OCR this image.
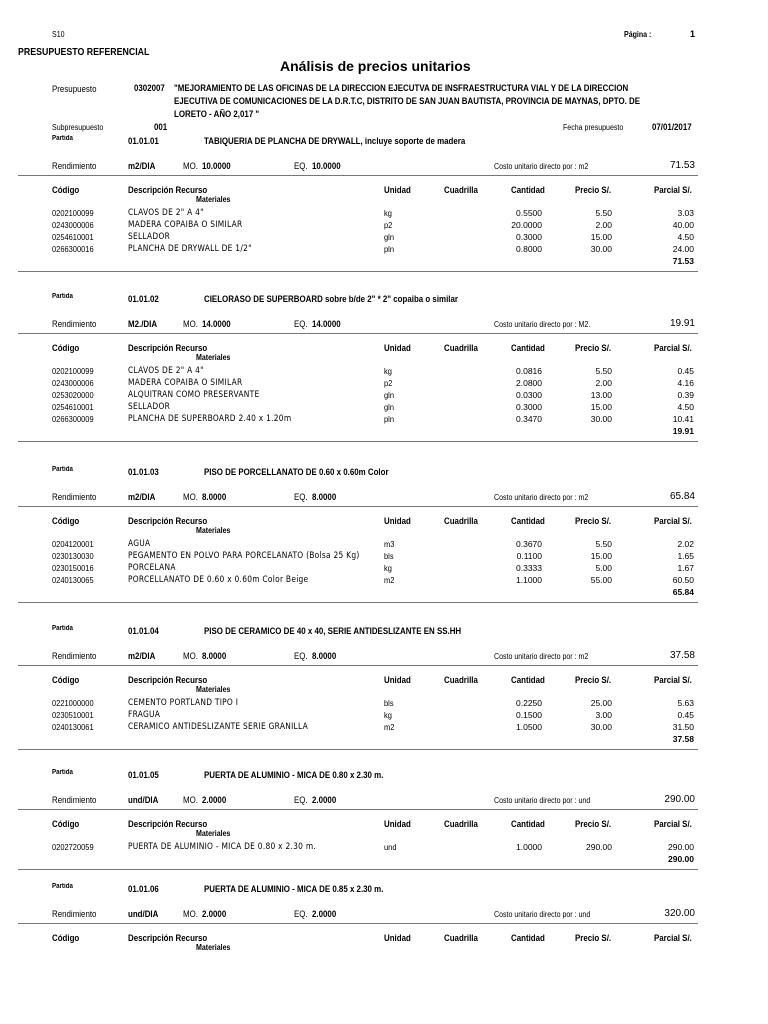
S10	Página :	1
PRESUPUESTO REFERENCIAL
Análisis de precios unitarios
Presupuesto	0302007 "MEJORAMIENTO DE LAS OFICINAS DE LA DIRECCION EJECUTVA DE INSFRAESTRUCTURA VIAL Y DE LA DIRECCION
EJECUTIVA DE COMUNICACIONES DE LA D.R.T.C, DISTRITO DE SAN JUAN BAUTISTA, PROVINCIA DE MAYNAS, DPTO. DE
LORETO - AÑO 2,017 "
Subpresupuesto	001	Fecha presupuesto	07/01/2017
Partida	01.01.01	TABIQUERIA DE PLANCHA DE DRYWALL, incluye soporte de madera
Rendimiento	m2/DIA	MO. 10.0000	EQ. 10.0000	Costo unitario directo por : m2	71.53
Código	Descripción Recurso
Materiales
Unidad	Cuadrilla	Cantidad	Precio S/.	Parcial S/.
0202100099	CLAVOS DE 2" A 4"	kg	0.5500	5.50	3.03
0243000006	MADERA COPAIBA O SIMILAR	p2	20.0000	2.00	40.00
0254610001	SELLADOR	gln	0.3000	15.00	4.50
0266300016	PLANCHA DE DRYWALL DE 1/2"	pln	0.8000	30.00	24.00
71.53
Partida	01.01.02	CIELORASO DE SUPERBOARD sobre b/de 2" * 2" copaiba o similar
Rendimiento	M2./DIA	MO. 14.0000	EQ. 14.0000	Costo unitario directo por : M2.	19.91
Código	Descripción Recurso
Materiales
Unidad	Cuadrilla	Cantidad	Precio S/.	Parcial S/.
0202100099	CLAVOS DE 2" A 4"	kg	0.0816	5.50	0.45
0243000006	MADERA COPAIBA O SIMILAR	p2	2.0800	2.00	4.16
0253020000	ALQUITRAN COMO PRESERVANTE	gln	0.0300	13.00	0.39
0254610001	SELLADOR	gln	0.3000	15.00	4.50
0266300009	PLANCHA DE SUPERBOARD 2.40 x 1.20m	pln	0.3470	30.00	10.41
19.91
Partida	01.01.03	PISO DE PORCELLANATO DE 0.60 x 0.60m Color
Rendimiento	m2/DIA	MO. 8.0000	EQ. 8.0000	Costo unitario directo por : m2	65.84
Código	Descripción Recurso
Materiales
Unidad	Cuadrilla	Cantidad	Precio S/.	Parcial S/.
0204120001	AGUA	m3	0.3670	5.50	2.02
0230130030	PEGAMENTO EN POLVO PARA PORCELANATO (Bolsa 25 Kg)	bls	0.1100	15.00	1.65
0230150016	PORCELANA	kg	0.3333	5.00	1.67
0240130065	PORCELLANATO DE 0.60 x 0.60m Color Beige	m2	1.1000	55.00	60.50
65.84
Partida	01.01.04	PISO DE CERAMICO DE 40 x 40, SERIE ANTIDESLIZANTE EN SS.HH
Rendimiento	m2/DIA	MO. 8.0000	EQ. 8.0000	Costo unitario directo por : m2	37.58
Código	Descripción Recurso
Materiales
Unidad	Cuadrilla	Cantidad	Precio S/.	Parcial S/.
0221000000	CEMENTO PORTLAND TIPO I	bls	0.2250	25.00	5.63
0230510001	FRAGUA	kg	0.1500	3.00	0.45
0240130061	CERAMICO ANTIDESLIZANTE SERIE GRANILLA	m2	1.0500	30.00	31.50
37.58
Partida	01.01.05	PUERTA DE ALUMINIO - MICA DE 0.80 x 2.30 m.
Rendimiento	und/DIA	MO. 2.0000	EQ. 2.0000	Costo unitario directo por : und	290.00
Código	Descripción Recurso
Materiales
Unidad	Cuadrilla	Cantidad	Precio S/.	Parcial S/.
0202720059	PUERTA DE ALUMINIO - MICA DE 0.80 x 2.30 m.	und	1.0000	290.00	290.00
290.00
Partida	01.01.06	PUERTA DE ALUMINIO - MICA DE 0.85 x 2.30 m.
Rendimiento	und/DIA	MO. 2.0000	EQ. 2.0000	Costo unitario directo por : und	320.00
Código	Descripción Recurso
Materiales
Unidad	Cuadrilla	Cantidad	Precio S/.	Parcial S/.
